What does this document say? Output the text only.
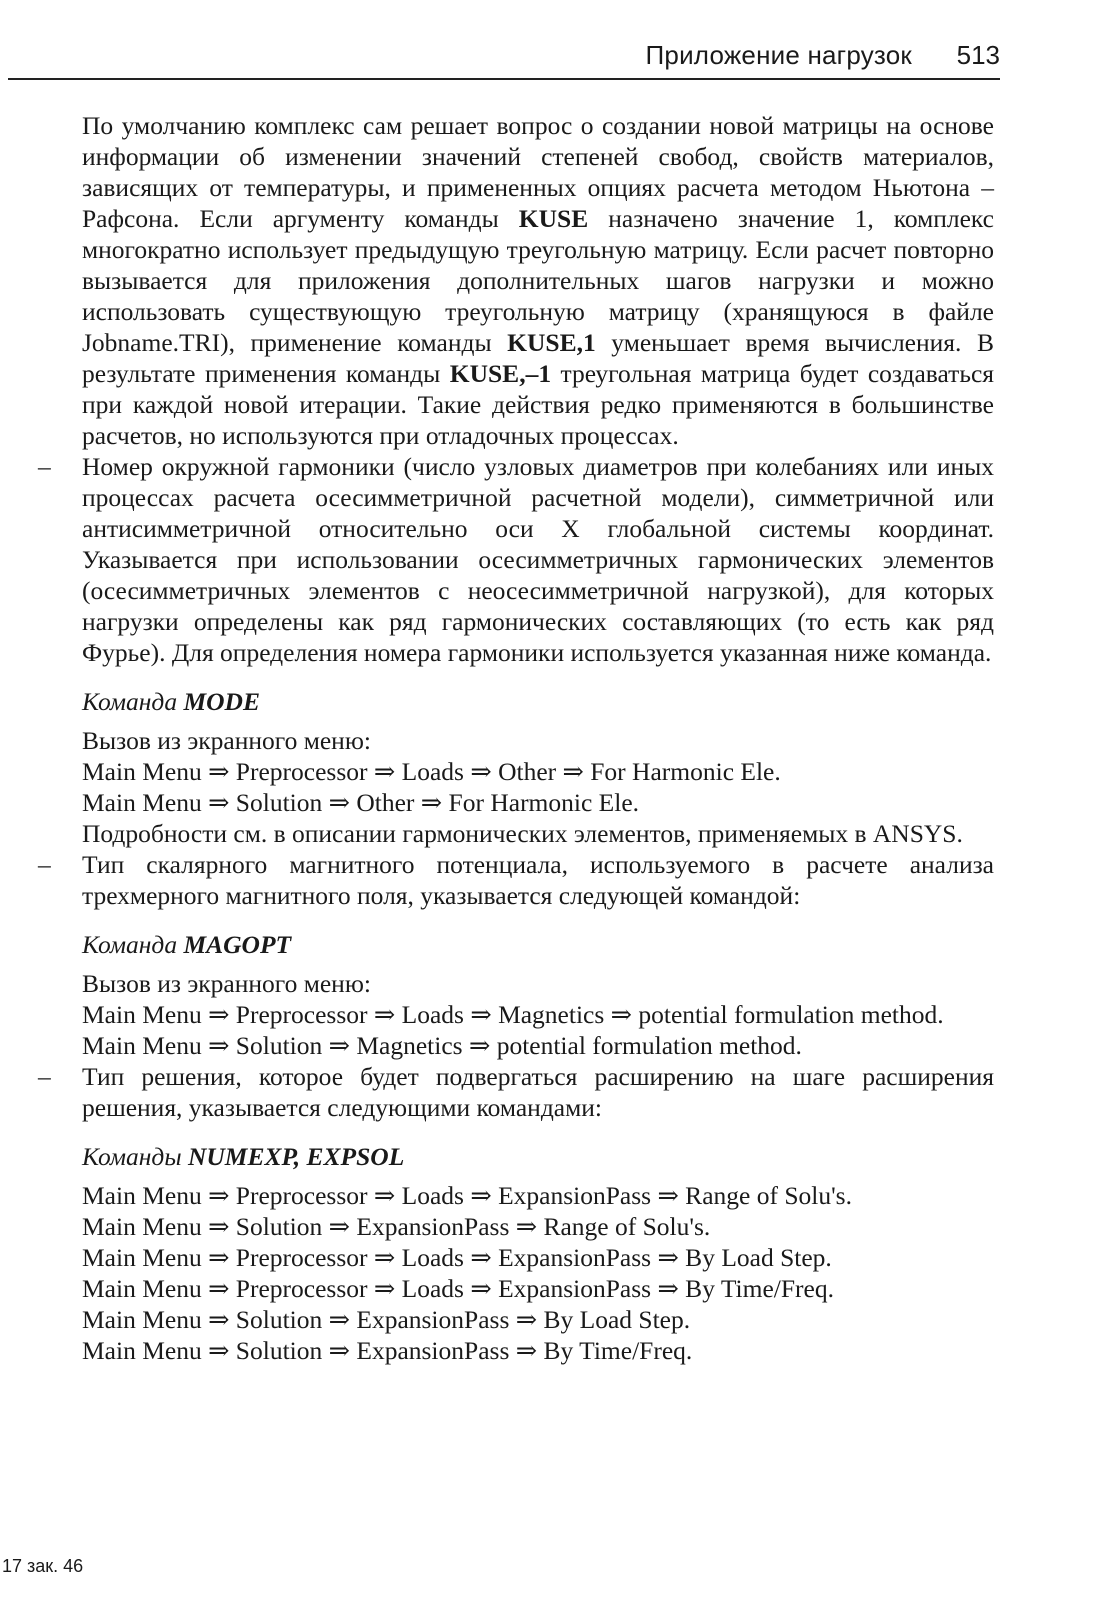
Приложение нагрузок 513

По умолчанию комплекс сам решает вопрос о создании новой матрицы на основе информации об изменении значений степеней свобод, свойств материалов, зависящих от температуры, и примененных опциях расчета методом Ньютона – Рафсона. Если аргументу команды KUSE назначено значение 1, комплекс многократно использует предыдущую треугольную матрицу. Если расчет повторно вызывается для приложения дополнительных шагов нагрузки и можно использовать существующую треугольную матрицу (хранящуюся в файле Jobname.TRI), применение команды KUSE,1 уменьшает время вычисления. В результате применения команды KUSE,–1 треугольная матрица будет создаваться при каждой новой итерации. Такие действия редко применяются в большинстве расчетов, но используются при отладочных процессах.

– Номер окружной гармоники (число узловых диаметров при колебаниях или иных процессах расчета осесимметричной расчетной модели), симметричной или антисимметричной относительно оси X глобальной системы координат. Указывается при использовании осесимметричных гармонических элементов (осесимметричных элементов с неосесимметричной нагрузкой), для которых нагрузки определены как ряд гармонических составляющих (то есть как ряд Фурье). Для определения номера гармоники используется указанная ниже команда.

Команда MODE

Вызов из экранного меню:

Main Menu ⇒ Preprocessor ⇒ Loads ⇒ Other ⇒ For Harmonic Ele.

Main Menu ⇒ Solution ⇒ Other ⇒ For Harmonic Ele.

Подробности см. в описании гармонических элементов, применяемых в ANSYS.

– Тип скалярного магнитного потенциала, используемого в расчете анализа трехмерного магнитного поля, указывается следующей командой:

Команда MAGOPT

Вызов из экранного меню:

Main Menu ⇒ Preprocessor ⇒ Loads ⇒ Magnetics ⇒ potential formulation method.

Main Menu ⇒ Solution ⇒ Magnetics ⇒ potential formulation method.

– Тип решения, которое будет подвергаться расширению на шаге расширения решения, указывается следующими командами:

Команды NUMEXP, EXPSOL

Main Menu ⇒ Preprocessor ⇒ Loads ⇒ ExpansionPass ⇒ Range of Solu's.

Main Menu ⇒ Solution ⇒ ExpansionPass ⇒ Range of Solu's.

Main Menu ⇒ Preprocessor ⇒ Loads ⇒ ExpansionPass ⇒ By Load Step.

Main Menu ⇒ Preprocessor ⇒ Loads ⇒ ExpansionPass ⇒ By Time/Freq.

Main Menu ⇒ Solution ⇒ ExpansionPass ⇒ By Load Step.

Main Menu ⇒ Solution ⇒ ExpansionPass ⇒ By Time/Freq.

17 зак. 46
